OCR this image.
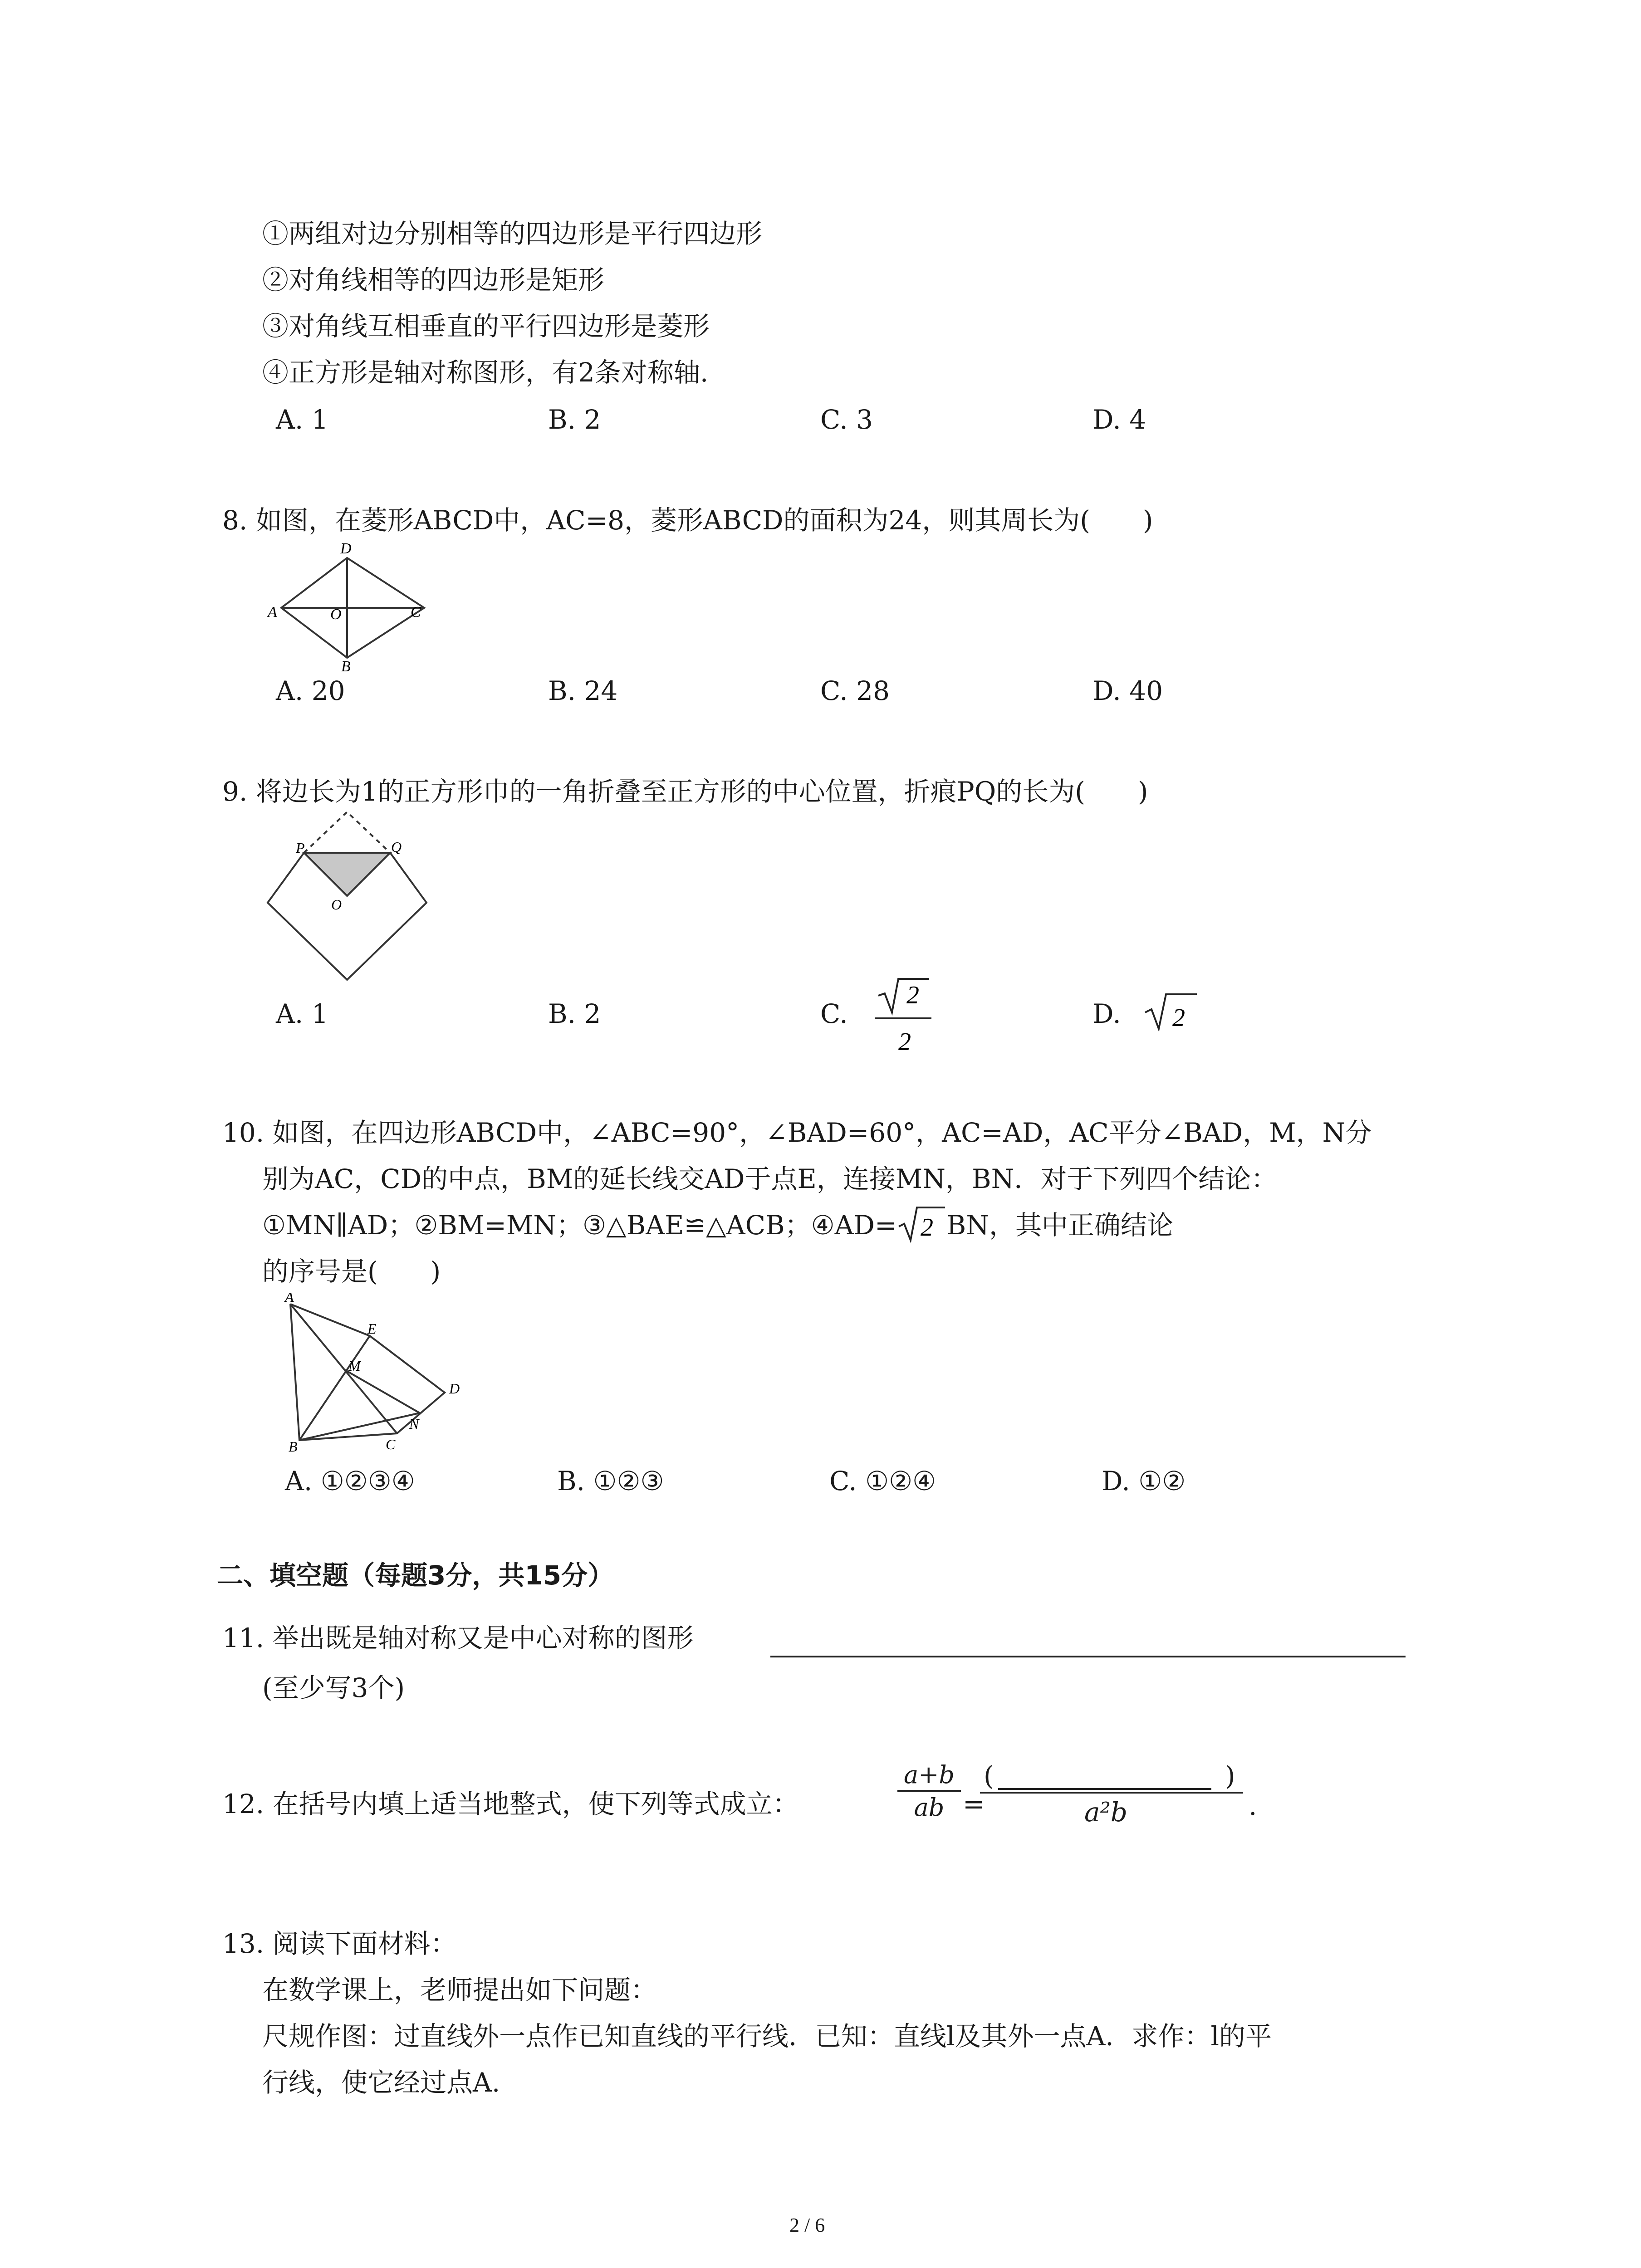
①两组对边分别相等的四边形是平行四边形
②对角线相等的四边形是矩形
③对角线互相垂直的平行四边形是菱形
④正方形是轴对称图形，有2条对称轴.
A. 1	B. 2	C. 3	D. 4
8. 如图，在菱形ABCD中，AC=8，菱形ABCD的面积为24，则其周长为(　　)
D
A	O	C
B
A. 20	B. 24	C. 28	D. 40
9. 将边长为1的正方形巾的一角折叠至正方形的中心位置，折痕PQ的长为(　　)
P	Q
O
A. 1	B. 2	C.
2
2
D. 2
10. 如图，在四边形ABCD中，∠ABC=90°，∠BAD=60°，AC=AD，AC平分∠BAD，M，N分
别为AC，CD的中点，BM的延长线交AD于点E，连接MN，BN．对于下列四个结论：
①MN∥AD；②BM=MN；③△BAE≌△ACB；④AD= 2 BN，其中正确结论
的序号是(　　)
A
E
M
D
N
B	C
A. ①②③④	B. ①②③	C. ①②④	D. ①②
二、填空题（每题3分，共15分）
11. 举出既是轴对称又是中心对称的图形
(至少写3个)
12. 在括号内填上适当地整式，使下列等式成立：
a+b
ab =
(	)
a²b	.
13. 阅读下面材料：
在数学课上，老师提出如下问题：
尺规作图：过直线外一点作已知直线的平行线．已知：直线l及其外一点A．求作：l的平
行线，使它经过点A.
2 / 6
